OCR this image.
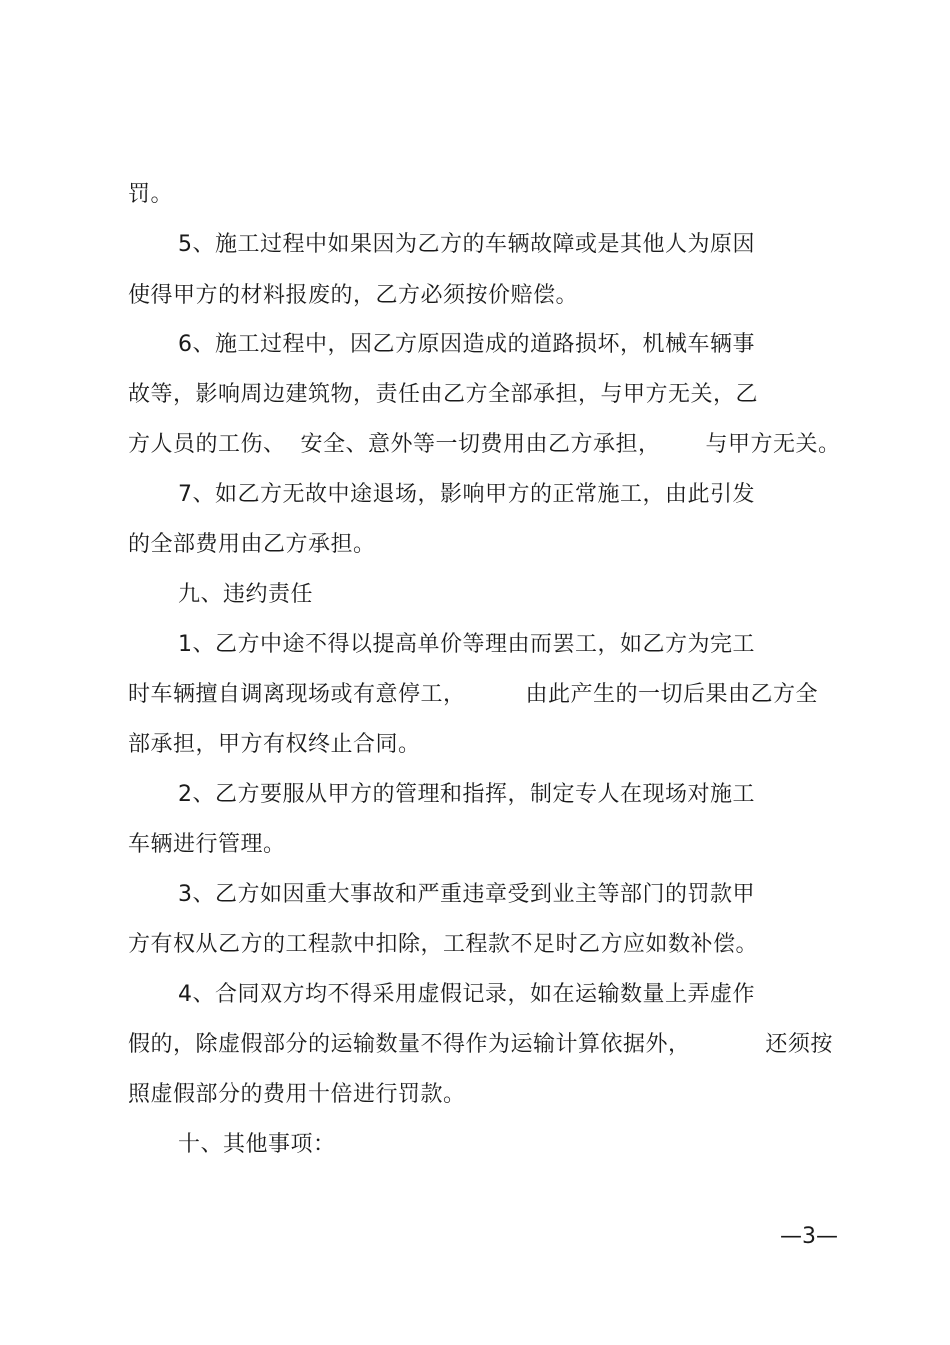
罚。
5、施工过程中如果因为乙方的车辆故障或是其他人为原因
使得甲方的材料报废的，乙方必须按价赔偿。
6、施工过程中，因乙方原因造成的道路损坏，机械车辆事
故等，影响周边建筑物，责任由乙方全部承担，与甲方无关，乙
方人员的工伤、  安全、意外等一切费用由乙方承担，      与甲方无关。
7、如乙方无故中途退场，影响甲方的正常施工，由此引发
的全部费用由乙方承担。
九、违约责任
1、乙方中途不得以提高单价等理由而罢工，如乙方为完工
时车辆擅自调离现场或有意停工，        由此产生的一切后果由乙方全
部承担，甲方有权终止合同。
2、乙方要服从甲方的管理和指挥，制定专人在现场对施工
车辆进行管理。
3、乙方如因重大事故和严重违章受到业主等部门的罚款甲
方有权从乙方的工程款中扣除，工程款不足时乙方应如数补偿。
4、合同双方均不得采用虚假记录，如在运输数量上弄虚作
假的，除虚假部分的运输数量不得作为运输计算依据外，          还须按
照虚假部分的费用十倍进行罚款。
十、其他事项：
—3—
